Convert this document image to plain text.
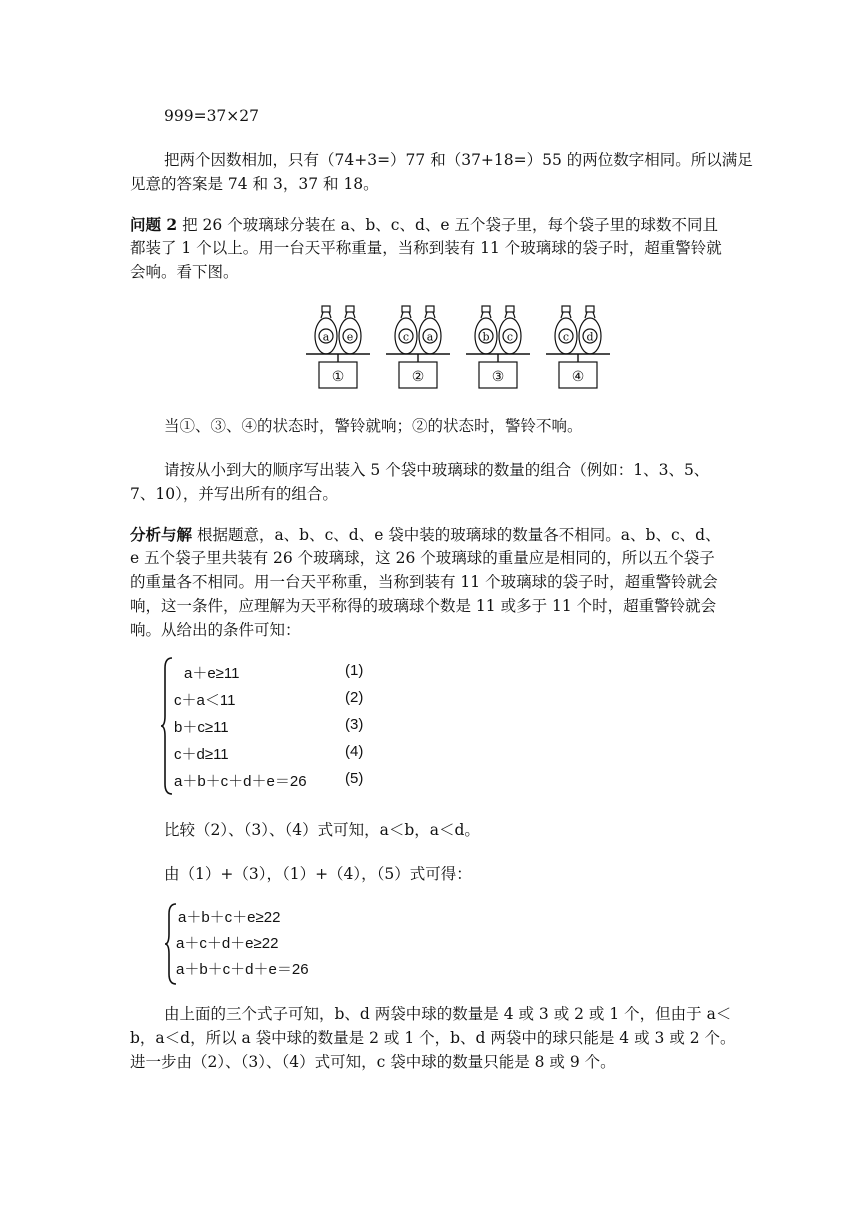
999=37×27
把两个因数相加，只有（74+3=）77 和（37+18=）55 的两位数字相同。所以满足
见意的答案是 74 和 3，37 和 18。
问题 2 把 26 个玻璃球分装在 a、b、c、d、e 五个袋子里，每个袋子里的球数不同且
都装了 1 个以上。用一台天平称重量，当称到装有 11 个玻璃球的袋子时，超重警铃就
会响。看下图。
a e
①
c a
②
b c
③
c d
④
当①、③、④的状态时，警铃就响；②的状态时，警铃不响。
请按从小到大的顺序写出装入 5 个袋中玻璃球的数量的组合（例如：1、3、5、
7、10），并写出所有的组合。
分析与解 根据题意，a、b、c、d、e 袋中装的玻璃球的数量各不相同。a、b、c、d、
e 五个袋子里共装有 26 个玻璃球，这 26 个玻璃球的重量应是相同的，所以五个袋子
的重量各不相同。用一台天平称重，当称到装有 11 个玻璃球的袋子时，超重警铃就会
响，这一条件，应理解为天平称得的玻璃球个数是 11 或多于 11 个时，超重警铃就会
响。从给出的条件可知：
a＋e≥11
c＋a＜11
b＋c≥11
c＋d≥11
a＋b＋c＋d＋e＝26
(1)
(2)
(3)
(4)
(5)
比较（2）、（3）、（4）式可知，a＜b，a＜d。
由（1）+（3），（1）+（4），（5）式可得：
a＋b＋c＋e≥22
a＋c＋d＋e≥22
a＋b＋c＋d＋e＝26
由上面的三个式子可知，b、d 两袋中球的数量是 4 或 3 或 2 或 1 个，但由于 a＜
b，a＜d，所以 a 袋中球的数量是 2 或 1 个，b、d 两袋中的球只能是 4 或 3 或 2 个。
进一步由（2）、（3）、（4）式可知，c 袋中球的数量只能是 8 或 9 个。
